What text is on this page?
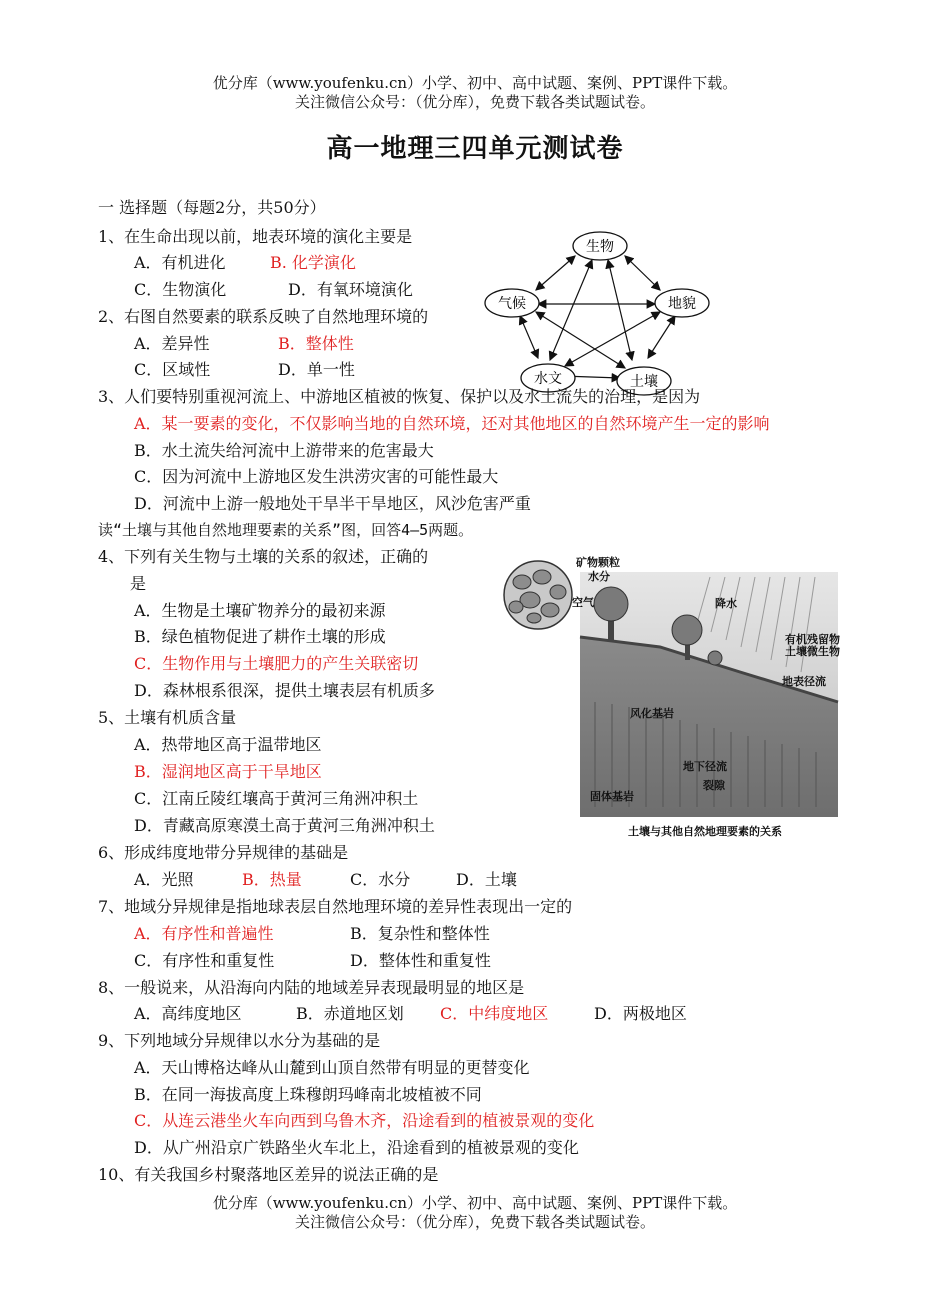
优分库（www.youfenku.cn）小学、初中、高中试题、案例、PPT课件下载。
关注微信公众号：（优分库），免费下载各类试题试卷。
高一地理三四单元测试卷
一 选择题（每题2分，共50分）
1、在生命出现以前，地表环境的演化主要是
A．有机进化	B. 化学演化
C．生物演化	D．有氧环境演化
2、右图自然要素的联系反映了自然地理环境的
A．差异性	B．整体性
C．区域性	D．单一性
生物
气候	地貌
水文	土壤
3、人们要特别重视河流上、中游地区植被的恢复、保护以及水土流失的治理，是因为
A．某一要素的变化，不仅影响当地的自然环境，还对其他地区的自然环境产生一定的影响
B．水土流失给河流中上游带来的危害最大
C．因为河流中上游地区发生洪涝灾害的可能性最大
D．河流中上游一般地处干旱半干旱地区，风沙危害严重
读“土壤与其他自然地理要素的关系”图，回答4—5两题。
4、下列有关生物与土壤的关系的叙述，正确的
是
A．生物是土壤矿物养分的最初来源
B．绿色植物促进了耕作土壤的形成
C．生物作用与土壤肥力的产生关联密切
D．森林根系很深，提供土壤表层有机质多
5、土壤有机质含量
A．热带地区高于温带地区
B．湿润地区高于干旱地区
C．江南丘陵红壤高于黄河三角洲冲积土
D．青藏高原寒漠土高于黄河三角洲冲积土
矿物颗粒
水分
空气	降水
有机残留物
土壤微生物
地表径流
风化基岩
地下径流
裂隙
固体基岩
土壤与其他自然地理要素的关系
6、形成纬度地带分异规律的基础是
A．光照	B．热量	C．水分	D．土壤
7、地域分异规律是指地球表层自然地理环境的差异性表现出一定的
A．有序性和普遍性	B．复杂性和整体性
C．有序性和重复性	D．整体性和重复性
8、一般说来，从沿海向内陆的地域差异表现最明显的地区是
A．高纬度地区	B．赤道地区划 C．中纬度地区	D．两极地区
9、下列地域分异规律以水分为基础的是
A．天山博格达峰从山麓到山顶自然带有明显的更替变化
B．在同一海拔高度上珠穆朗玛峰南北坡植被不同
C．从连云港坐火车向西到乌鲁木齐，沿途看到的植被景观的变化
D．从广州沿京广铁路坐火车北上，沿途看到的植被景观的变化
10、有关我国乡村聚落地区差异的说法正确的是
优分库（www.youfenku.cn）小学、初中、高中试题、案例、PPT课件下载。
关注微信公众号：（优分库），免费下载各类试题试卷。
